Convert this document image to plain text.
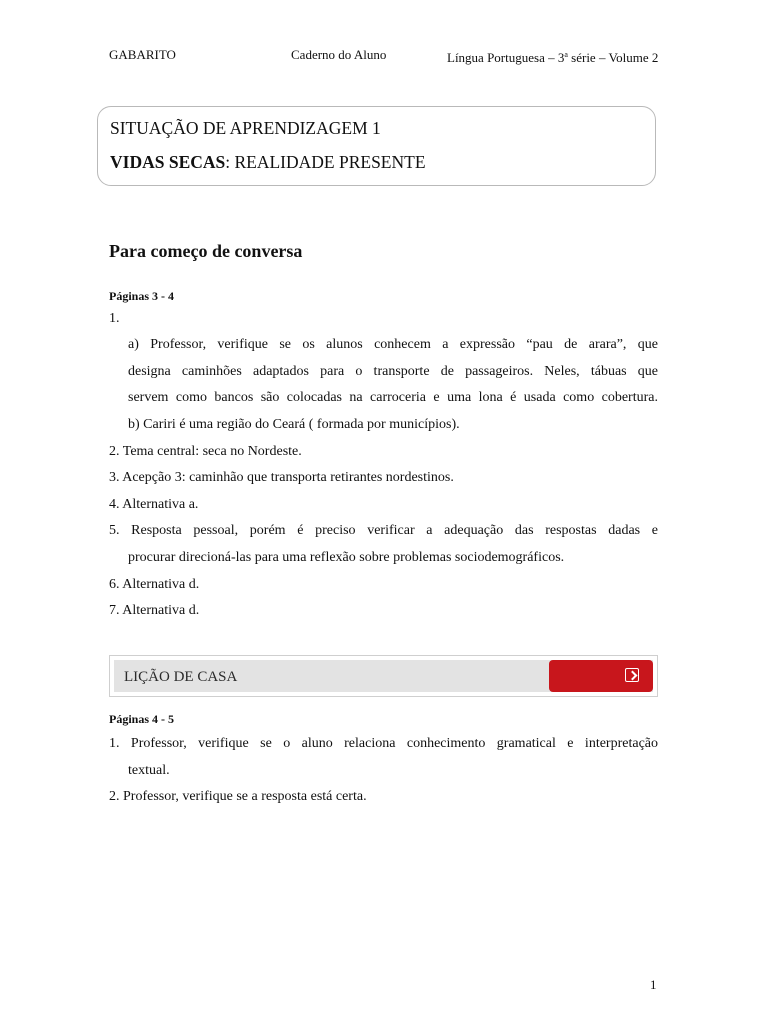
GABARITO	Caderno do Aluno	Língua Portuguesa – 3$^a$ série – Volume 2
SITUAÇÃO DE APRENDIZAGEM 1
VIDAS SECAS: REALIDADE PRESENTE
Para começo de conversa
Páginas 3 - 4
1.
a) Professor, verifique se os alunos conhecem a expressão “pau de arara”, que
designa caminhões adaptados para o transporte de passageiros. Neles, tábuas que
servem como bancos são colocadas na carroceria e uma lona é usada como cobertura.
b) Cariri é uma região do Ceará ( formada por municípios).
2. Tema central: seca no Nordeste.
3. Acepção 3: caminhão que transporta retirantes nordestinos.
4. Alternativa a.
5. Resposta pessoal, porém é preciso verificar a adequação das respostas dadas e
procurar direcioná-las para uma reflexão sobre problemas sociodemográficos.
6. Alternativa d.
7. Alternativa d.
LIÇÃO DE CASA
Páginas 4 - 5
1. Professor, verifique se o aluno relaciona conhecimento gramatical e interpretação
textual.
2. Professor, verifique se a resposta está certa.
1
